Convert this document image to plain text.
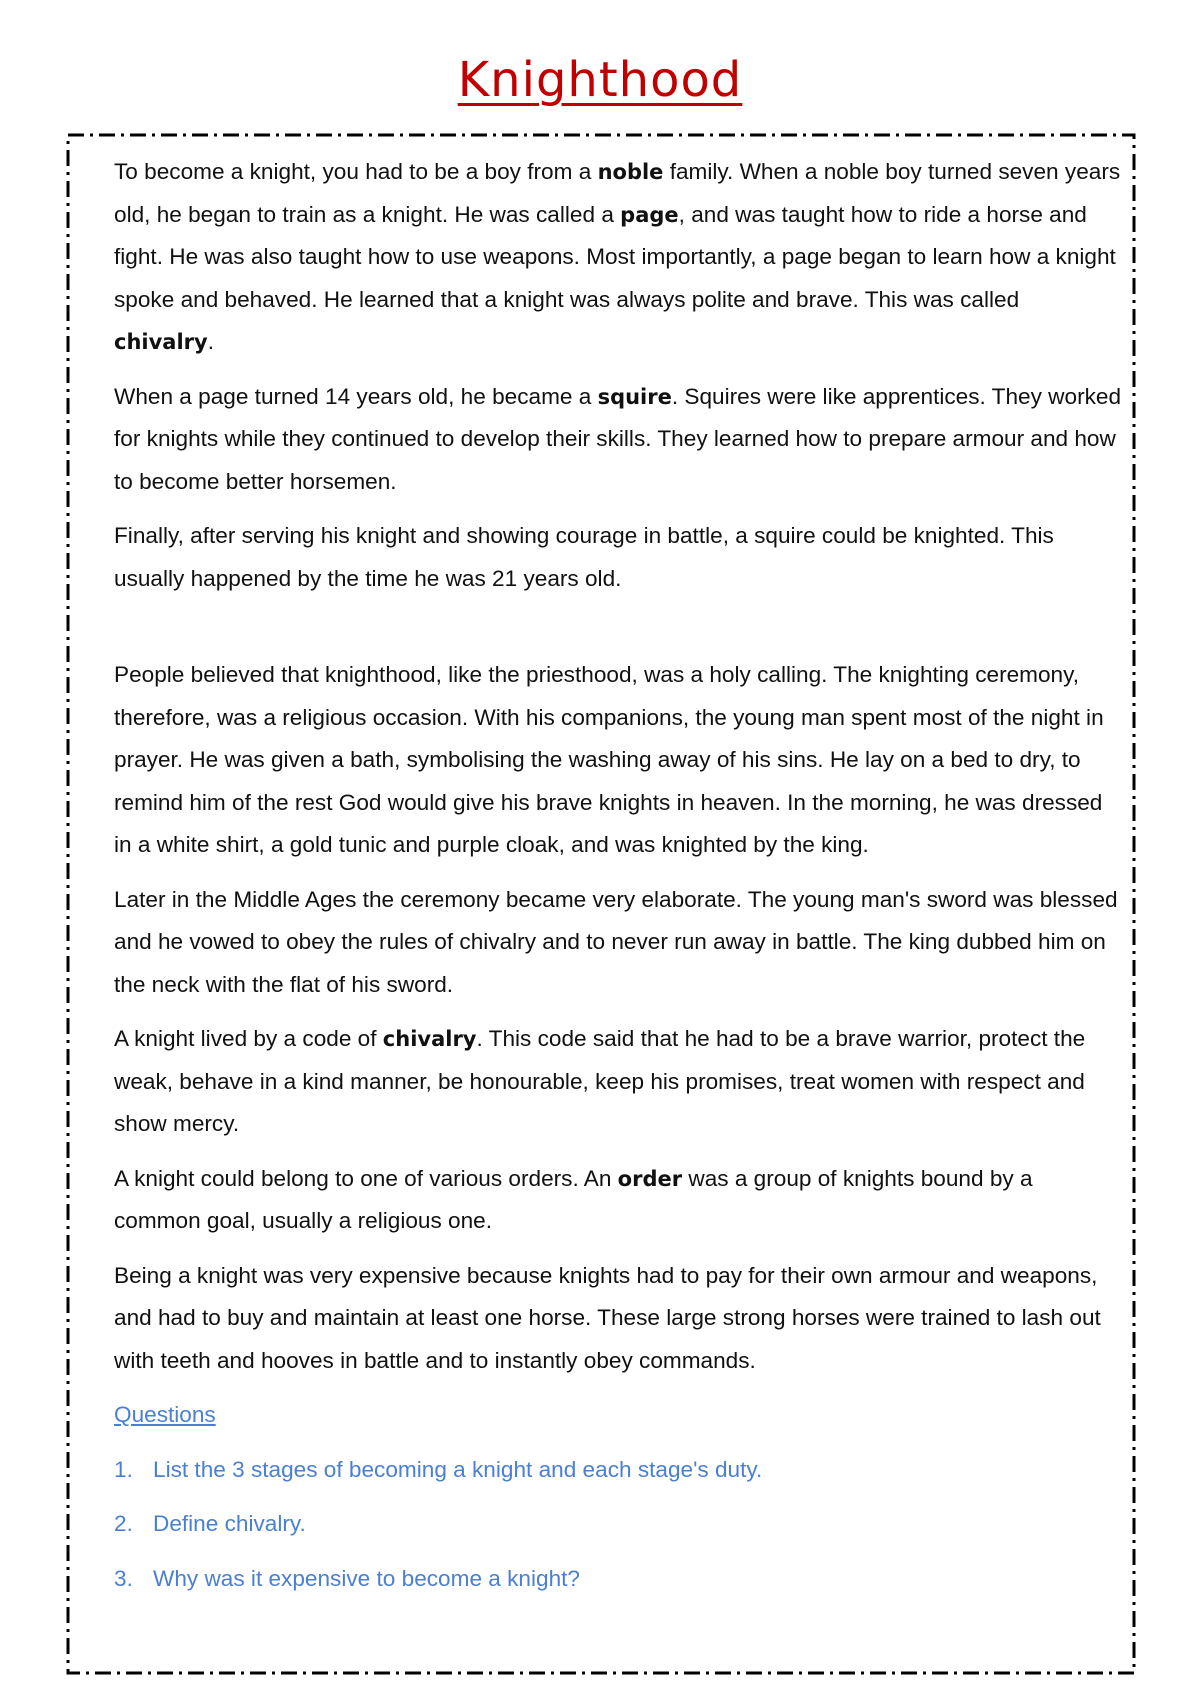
Knighthood

To become a knight, you had to be a boy from a noble family. When a noble boy turned seven years old, he began to train as a knight. He was called a page, and was taught how to ride a horse and fight. He was also taught how to use weapons. Most importantly, a page began to learn how a knight spoke and behaved. He learned that a knight was always polite and brave. This was called chivalry.

When a page turned 14 years old, he became a squire. Squires were like apprentices. They worked for knights while they continued to develop their skills. They learned how to prepare armour and how to become better horsemen.

Finally, after serving his knight and showing courage in battle, a squire could be knighted. This usually happened by the time he was 21 years old.

People believed that knighthood, like the priesthood, was a holy calling. The knighting ceremony, therefore, was a religious occasion. With his companions, the young man spent most of the night in prayer. He was given a bath, symbolising the washing away of his sins. He lay on a bed to dry, to remind him of the rest God would give his brave knights in heaven. In the morning, he was dressed in a white shirt, a gold tunic and purple cloak, and was knighted by the king.

Later in the Middle Ages the ceremony became very elaborate. The young man's sword was blessed and he vowed to obey the rules of chivalry and to never run away in battle. The king dubbed him on the neck with the flat of his sword.

A knight lived by a code of chivalry. This code said that he had to be a brave warrior, protect the weak, behave in a kind manner, be honourable, keep his promises, treat women with respect and show mercy.

A knight could belong to one of various orders. An order was a group of knights bound by a common goal, usually a religious one.

Being a knight was very expensive because knights had to pay for their own armour and weapons, and had to buy and maintain at least one horse. These large strong horses were trained to lash out with teeth and hooves in battle and to instantly obey commands.

Questions
1. List the 3 stages of becoming a knight and each stage's duty.
2. Define chivalry.
3. Why was it expensive to become a knight?
